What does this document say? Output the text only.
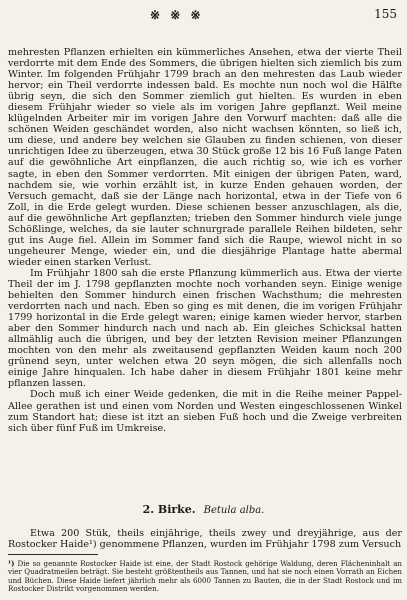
※ ※ ※	155

mehresten Pflanzen erhielten ein kümmerliches Ansehen, etwa der vierte Theil verdorrte mit dem Ende des Sommers, die übrigen hielten sich ziemlich bis zum Winter. Im folgenden Frühjahr 1799 brach an den mehresten das Laub wieder hervor; ein Theil verdorrte indessen bald. Es mochte nun noch wol die Hälfte übrig seyn, die sich den Sommer ziemlich gut hielten. Es wurden in eben diesem Frühjahr wieder so viele als im vorigen Jahre gepflanzt. Weil meine klügelnden Arbeiter mir im vorigen Jahre den Vorwurf machten: daß alle die schönen Weiden geschändet worden, also nicht wachsen könnten, so ließ ich, um diese, und andere bey welchen sie Glauben zu finden schienen, von dieser unrichtigen Idee zu überzeugen, etwa 30 Stück große 12 bis 16 Fuß lange Paten auf die gewöhnliche Art einpflanzen, die auch richtig so, wie ich es vorher sagte, in eben den Sommer verdorrten. Mit einigen der übrigen Paten, ward, nachdem sie, wie vorhin erzählt ist, in kurze Enden gehauen worden, der Versuch gemacht, daß sie der Länge nach horizontal, etwa in der Tiefe von 6 Zoll, in die Erde gelegt wurden. Diese schienen besser anzuschlagen, als die, auf die gewöhnliche Art gepflanzten; trieben den Sommer hindurch viele junge Schößlinge, welches, da sie lauter schnurgrade parallele Reihen bildeten, sehr gut ins Auge fiel. Allein im Sommer fand sich die Raupe, wiewol nicht in so ungeheurer Menge, wieder ein, und die diesjährige Plantage hatte abermal wieder einen starken Verlust.

Im Frühjahr 1800 sah die erste Pflanzung kümmerlich aus. Etwa der vierte Theil der im J. 1798 gepflanzten mochte noch vorhanden seyn. Einige wenige behielten den Sommer hindurch einen frischen Wachsthum; die mehresten verdorrten nach und nach. Eben so ging es mit denen, die im vorigen Frühjahr 1799 horizontal in die Erde gelegt waren; einige kamen wieder hervor, starben aber den Sommer hindurch nach und nach ab. Ein gleiches Schicksal hatten allmählig auch die übrigen, und bey der letzten Revision meiner Pflanzungen mochten von den mehr als zweitausend gepflanzten Weiden kaum noch 200 grünend seyn, unter welchen etwa 20 seyn mögen, die sich allenfalls noch einige Jahre hinqualen. Ich habe daher in diesem Frühjahr 1801 keine mehr pflanzen lassen.

Doch muß ich einer Weide gedenken, die mit in die Reihe meiner Pappel-Allee gerathen ist und einen vom Norden und Westen eingeschlossenen Winkel zum Standort hat; diese ist itzt an sieben Fuß hoch und die Zweige verbreiten sich über fünf Fuß im Umkreise.

2. Birke. Betula alba.

Etwa 200 Stük, theils einjährige, theils zwey und dreyjährige, aus der Rostocker Haide¹) genommene Pflanzen, wurden im Frühjahr 1798 zum Versuch

¹) Die so genannte Rostocker Haide ist eine, der Stadt Rostock gehörige Waldung, deren Flächeninhalt an vier Quadratmeilen beträgt. Sie besteht größtentheils aus Tannen, und hat sie noch einen Vorrath an Eichen und Büchen. Diese Haide liefert jährlich mehr als 6000 Tannen zu Bauten, die in der Stadt Rostock und im Rostocker Distrikt vorgenommen werden.
